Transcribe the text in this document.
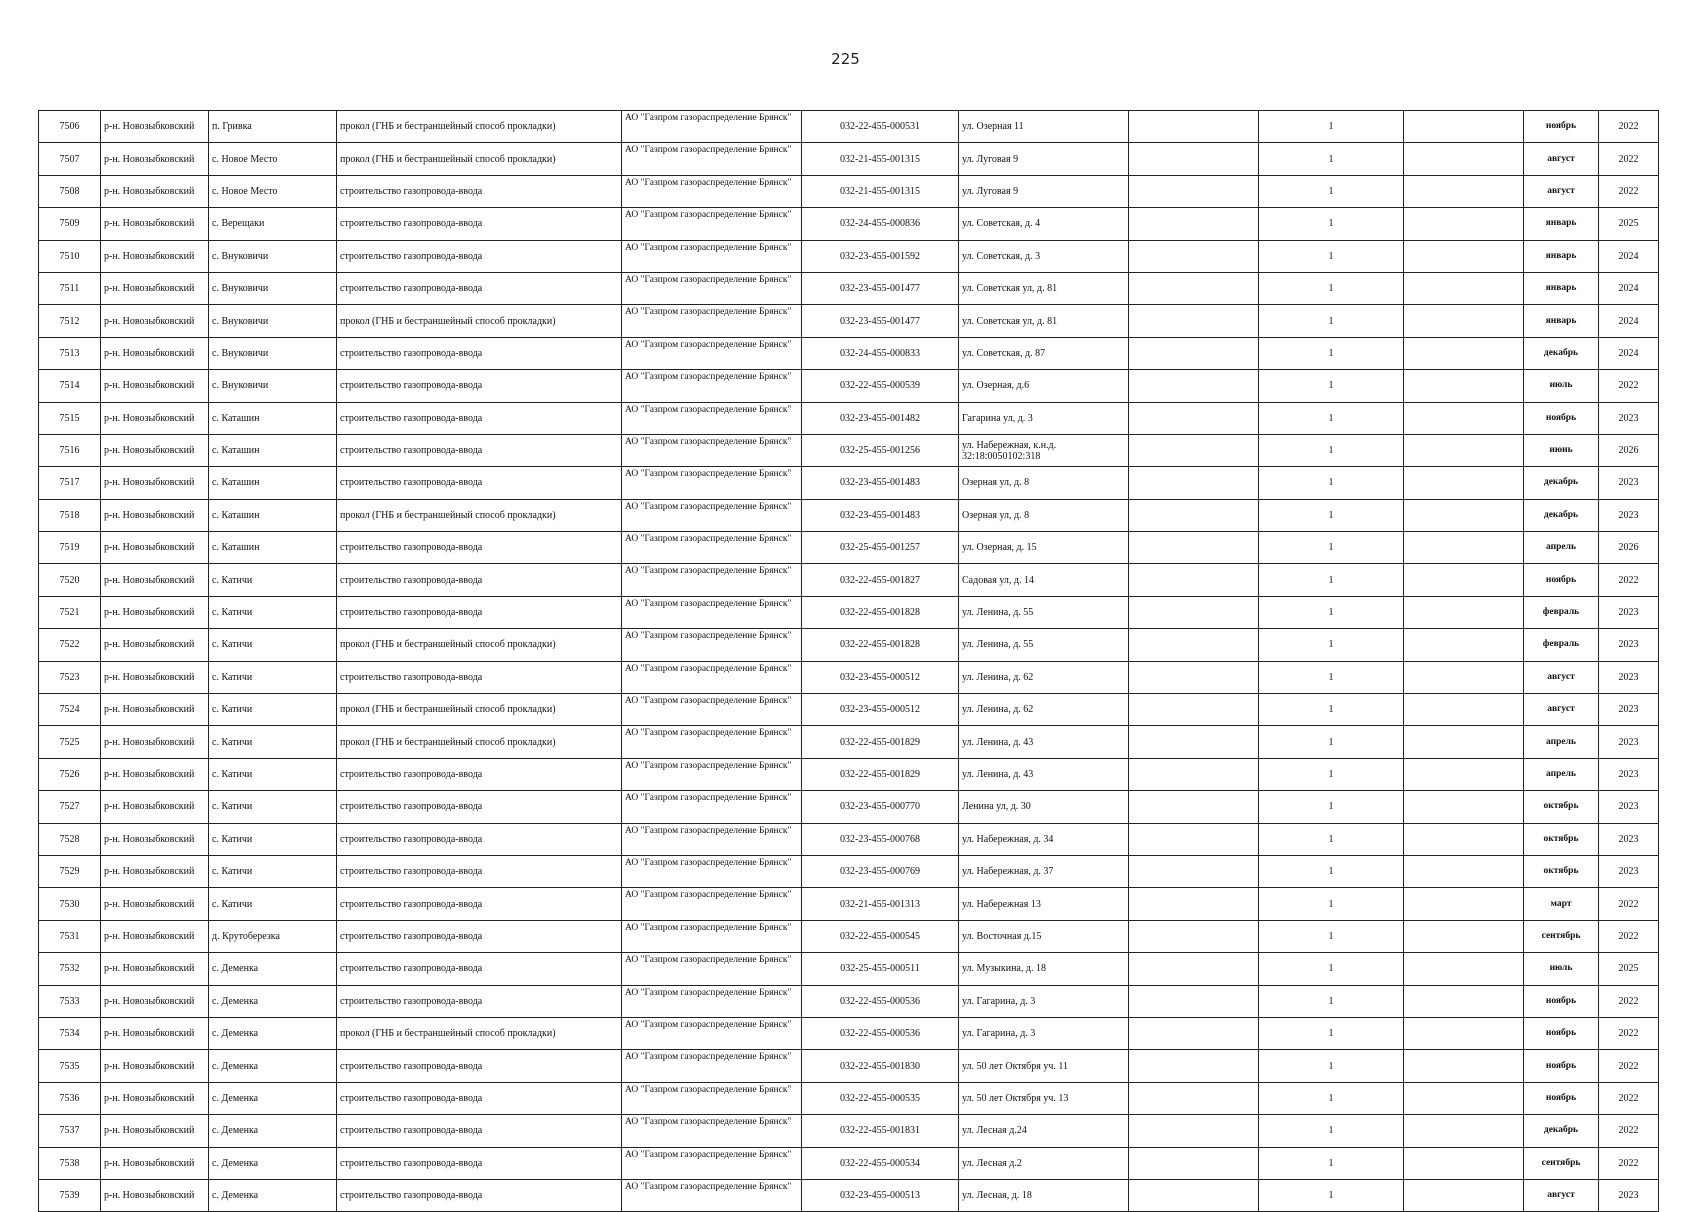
225
7506	р-н. Новозыбковский	п. Гривка	прокол (ГНБ и бестраншейный способ прокладки)	АО "Газпром газораспределение Брянск"	032-22-455-000531	ул. Озерная 11		1		ноябрь	2022
7507	р-н. Новозыбковский	с. Новое Место	прокол (ГНБ и бестраншейный способ прокладки)	АО "Газпром газораспределение Брянск"	032-21-455-001315	ул. Луговая 9		1		август	2022
7508	р-н. Новозыбковский	с. Новое Место	строительство газопровода-ввода	АО "Газпром газораспределение Брянск"	032-21-455-001315	ул. Луговая 9		1		август	2022
7509	р-н. Новозыбковский	с. Верещаки	строительство газопровода-ввода	АО "Газпром газораспределение Брянск"	032-24-455-000836	ул. Советская, д. 4		1		январь	2025
7510	р-н. Новозыбковский	с. Внуковичи	строительство газопровода-ввода	АО "Газпром газораспределение Брянск"	032-23-455-001592	ул. Советская, д. 3		1		январь	2024
7511	р-н. Новозыбковский	с. Внуковичи	строительство газопровода-ввода	АО "Газпром газораспределение Брянск"	032-23-455-001477	ул. Советская ул, д. 81		1		январь	2024
7512	р-н. Новозыбковский	с. Внуковичи	прокол (ГНБ и бестраншейный способ прокладки)	АО "Газпром газораспределение Брянск"	032-23-455-001477	ул. Советская ул, д. 81		1		январь	2024
7513	р-н. Новозыбковский	с. Внуковичи	строительство газопровода-ввода	АО "Газпром газораспределение Брянск"	032-24-455-000833	ул. Советская, д. 87		1		декабрь	2024
7514	р-н. Новозыбковский	с. Внуковичи	строительство газопровода-ввода	АО "Газпром газораспределение Брянск"	032-22-455-000539	ул. Озерная, д.6		1		июль	2022
7515	р-н. Новозыбковский	с. Каташин	строительство газопровода-ввода	АО "Газпром газораспределение Брянск"	032-23-455-001482	Гагарина ул, д. 3		1		ноябрь	2023
7516	р-н. Новозыбковский	с. Каташин	строительство газопровода-ввода	АО "Газпром газораспределение Брянск"	032-25-455-001256	ул. Набережная, к.н.д. 32:18:0050102:318		1		июнь	2026
7517	р-н. Новозыбковский	с. Каташин	строительство газопровода-ввода	АО "Газпром газораспределение Брянск"	032-23-455-001483	Озерная ул, д. 8		1		декабрь	2023
7518	р-н. Новозыбковский	с. Каташин	прокол (ГНБ и бестраншейный способ прокладки)	АО "Газпром газораспределение Брянск"	032-23-455-001483	Озерная ул, д. 8		1		декабрь	2023
7519	р-н. Новозыбковский	с. Каташин	строительство газопровода-ввода	АО "Газпром газораспределение Брянск"	032-25-455-001257	ул. Озерная, д. 15		1		апрель	2026
7520	р-н. Новозыбковский	с. Катичи	строительство газопровода-ввода	АО "Газпром газораспределение Брянск"	032-22-455-001827	Садовая ул, д. 14		1		ноябрь	2022
7521	р-н. Новозыбковский	с. Катичи	строительство газопровода-ввода	АО "Газпром газораспределение Брянск"	032-22-455-001828	ул. Ленина, д. 55		1		февраль	2023
7522	р-н. Новозыбковский	с. Катичи	прокол (ГНБ и бестраншейный способ прокладки)	АО "Газпром газораспределение Брянск"	032-22-455-001828	ул. Ленина, д. 55		1		февраль	2023
7523	р-н. Новозыбковский	с. Катичи	строительство газопровода-ввода	АО "Газпром газораспределение Брянск"	032-23-455-000512	ул. Ленина, д. 62		1		август	2023
7524	р-н. Новозыбковский	с. Катичи	прокол (ГНБ и бестраншейный способ прокладки)	АО "Газпром газораспределение Брянск"	032-23-455-000512	ул. Ленина, д. 62		1		август	2023
7525	р-н. Новозыбковский	с. Катичи	прокол (ГНБ и бестраншейный способ прокладки)	АО "Газпром газораспределение Брянск"	032-22-455-001829	ул. Ленина, д. 43		1		апрель	2023
7526	р-н. Новозыбковский	с. Катичи	строительство газопровода-ввода	АО "Газпром газораспределение Брянск"	032-22-455-001829	ул. Ленина, д. 43		1		апрель	2023
7527	р-н. Новозыбковский	с. Катичи	строительство газопровода-ввода	АО "Газпром газораспределение Брянск"	032-23-455-000770	Ленина ул, д. 30		1		октябрь	2023
7528	р-н. Новозыбковский	с. Катичи	строительство газопровода-ввода	АО "Газпром газораспределение Брянск"	032-23-455-000768	ул. Набережная, д. 34		1		октябрь	2023
7529	р-н. Новозыбковский	с. Катичи	строительство газопровода-ввода	АО "Газпром газораспределение Брянск"	032-23-455-000769	ул. Набережная, д. 37		1		октябрь	2023
7530	р-н. Новозыбковский	с. Катичи	строительство газопровода-ввода	АО "Газпром газораспределение Брянск"	032-21-455-001313	ул. Набережная 13		1		март	2022
7531	р-н. Новозыбковский	д. Крутоберезка	строительство газопровода-ввода	АО "Газпром газораспределение Брянск"	032-22-455-000545	ул. Восточная д.15		1		сентябрь	2022
7532	р-н. Новозыбковский	с. Деменка	строительство газопровода-ввода	АО "Газпром газораспределение Брянск"	032-25-455-000511	ул. Музыкина, д. 18		1		июль	2025
7533	р-н. Новозыбковский	с. Деменка	строительство газопровода-ввода	АО "Газпром газораспределение Брянск"	032-22-455-000536	ул. Гагарина, д. 3		1		ноябрь	2022
7534	р-н. Новозыбковский	с. Деменка	прокол (ГНБ и бестраншейный способ прокладки)	АО "Газпром газораспределение Брянск"	032-22-455-000536	ул. Гагарина, д. 3		1		ноябрь	2022
7535	р-н. Новозыбковский	с. Деменка	строительство газопровода-ввода	АО "Газпром газораспределение Брянск"	032-22-455-001830	ул. 50 лет Октября уч. 11		1		ноябрь	2022
7536	р-н. Новозыбковский	с. Деменка	строительство газопровода-ввода	АО "Газпром газораспределение Брянск"	032-22-455-000535	ул. 50 лет Октября уч. 13		1		ноябрь	2022
7537	р-н. Новозыбковский	с. Деменка	строительство газопровода-ввода	АО "Газпром газораспределение Брянск"	032-22-455-001831	ул. Лесная д.24		1		декабрь	2022
7538	р-н. Новозыбковский	с. Деменка	строительство газопровода-ввода	АО "Газпром газораспределение Брянск"	032-22-455-000534	ул. Лесная д.2		1		сентябрь	2022
7539	р-н. Новозыбковский	с. Деменка	строительство газопровода-ввода	АО "Газпром газораспределение Брянск"	032-23-455-000513	ул. Лесная, д. 18		1		август	2023
